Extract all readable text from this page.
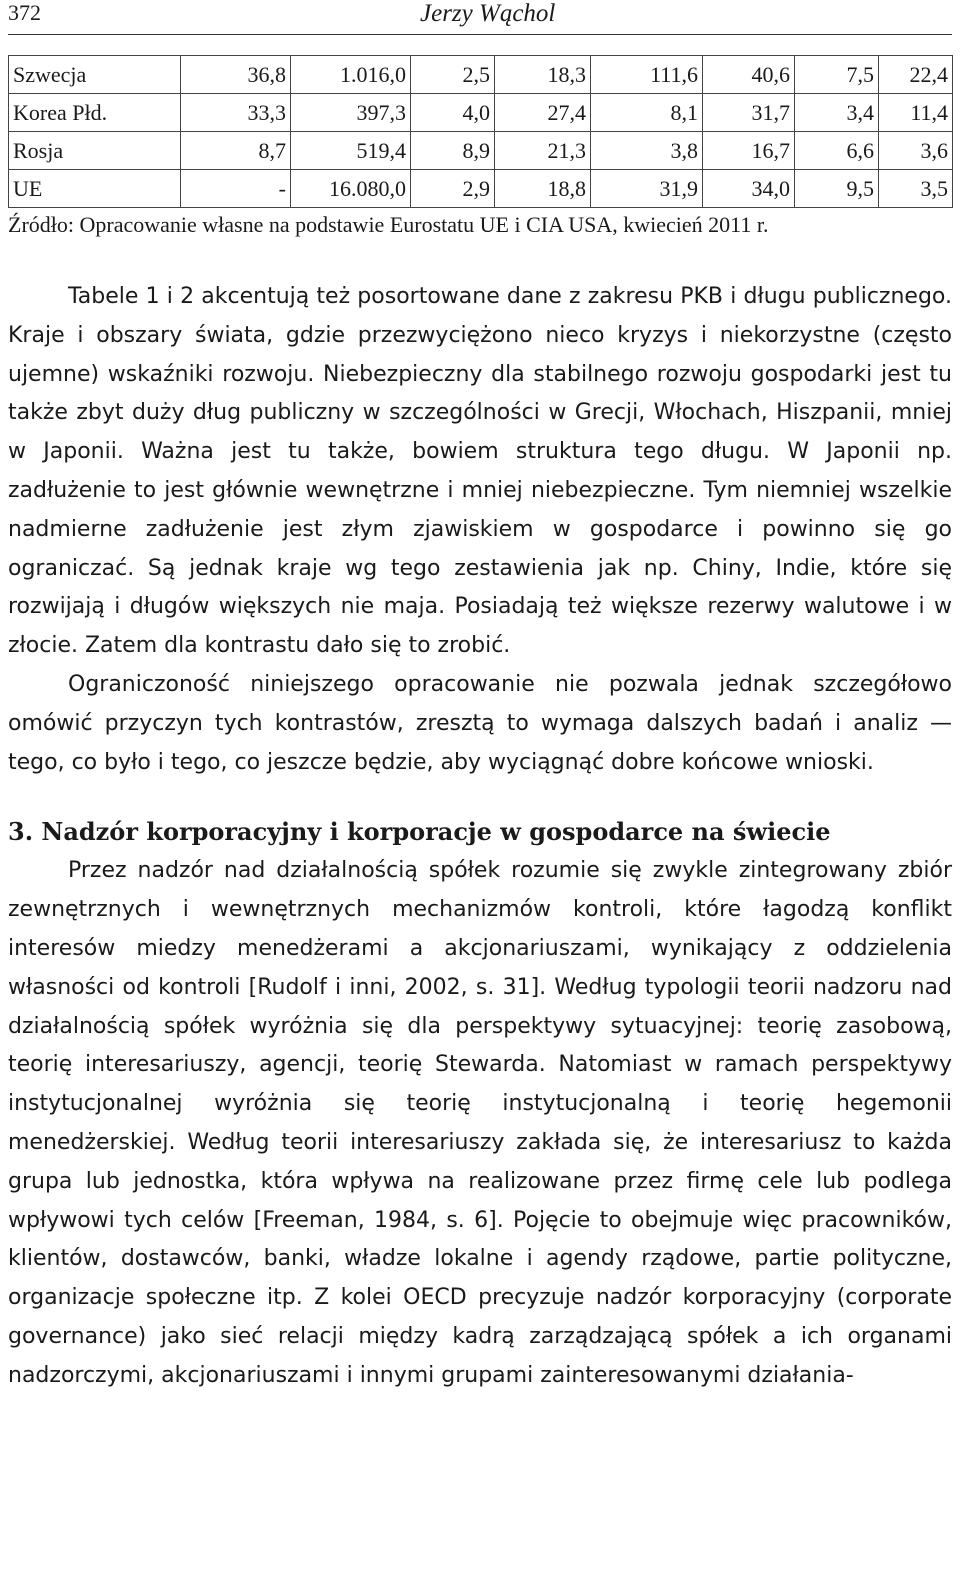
372	Jerzy Wąchol
Szwecja	36,8	1.016,0	2,5	18,3	111,6	40,6	7,5	22,4
Korea Płd.	33,3	397,3	4,0	27,4	8,1	31,7	3,4	11,4
Rosja	8,7	519,4	8,9	21,3	3,8	16,7	6,6	3,6
UE	-	16.080,0	2,9	18,8	31,9	34,0	9,5	3,5
Źródło: Opracowanie własne na podstawie Eurostatu UE i CIA USA, kwiecień 2011 r.

Tabele 1 i 2 akcentują też posortowane dane z zakresu PKB i długu publicznego. Kraje i obszary świata, gdzie przezwyciężono nieco kryzys i niekorzystne (często ujemne) wskaźniki rozwoju. Niebezpieczny dla stabilnego rozwoju gospodarki jest tu także zbyt duży dług publiczny w szczególności w Grecji, Włochach, Hiszpanii, mniej w Japonii. Ważna jest tu także, bowiem struktura tego długu. W Japonii np. zadłużenie to jest głównie wewnętrzne i mniej niebezpieczne. Tym niemniej wszelkie nadmierne zadłużenie jest złym zjawiskiem w gospodarce i powinno się go ograniczać. Są jednak kraje wg tego zestawienia jak np. Chiny, Indie, które się rozwijają i długów większych nie maja. Posiadają też większe rezerwy walutowe i w złocie. Zatem dla kontrastu dało się to zrobić.

Ograniczoność niniejszego opracowanie nie pozwala jednak szczegółowo omówić przyczyn tych kontrastów, zresztą to wymaga dalszych badań i analiz — tego, co było i tego, co jeszcze będzie, aby wyciągnąć dobre końcowe wnioski.

3. Nadzór korporacyjny i korporacje w gospodarce na świecie

Przez nadzór nad działalnością spółek rozumie się zwykle zintegrowany zbiór zewnętrznych i wewnętrznych mechanizmów kontroli, które łagodzą konflikt interesów miedzy menedżerami a akcjonariuszami, wynikający z oddzielenia własności od kontroli [Rudolf i inni, 2002, s. 31]. Według typologii teorii nadzoru nad działalnością spółek wyróżnia się dla perspektywy sytuacyjnej: teorię zasobową, teorię interesariuszy, agencji, teorię Stewarda. Natomiast w ramach perspektywy instytucjonalnej wyróżnia się teorię instytucjonalną i teorię hegemonii menedżerskiej. Według teorii interesariuszy zakłada się, że interesariusz to każda grupa lub jednostka, która wpływa na realizowane przez firmę cele lub podlega wpływowi tych celów [Freeman, 1984, s. 6]. Pojęcie to obejmuje więc pracowników, klientów, dostawców, banki, władze lokalne i agendy rządowe, partie polityczne, organizacje społeczne itp. Z kolei OECD precyzuje nadzór korporacyjny (corporate governance) jako sieć relacji między kadrą zarządzającą spółek a ich organami nadzorczymi, akcjonariuszami i innymi grupami zainteresowanymi działania-
